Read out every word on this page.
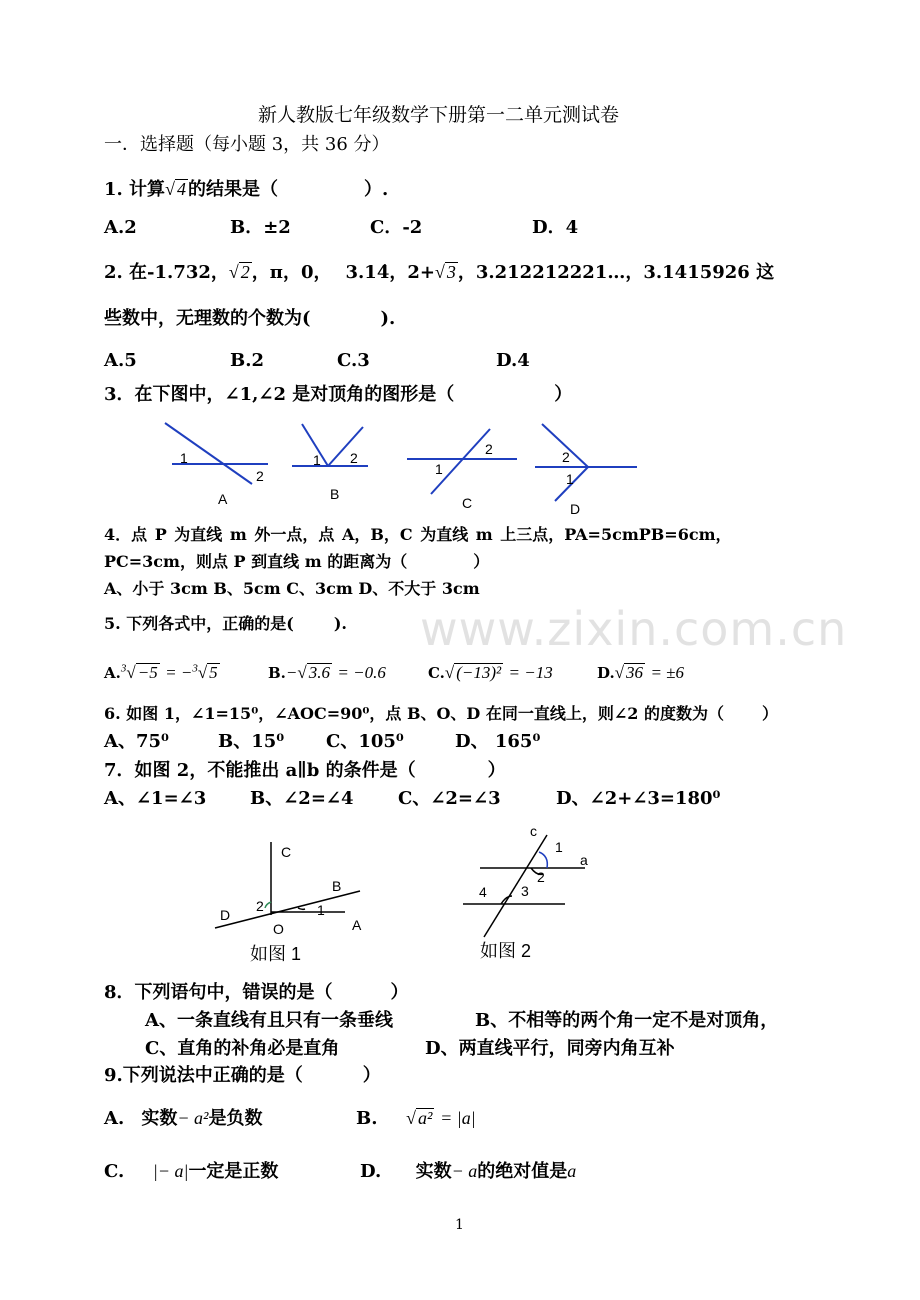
www.zixin.com.cn
新人教版七年级数学下册第一二单元测试卷
一．选择题（每小题 3，共 36 分）
1. 计算√ 4 的结果是（	）.
A.2	B．±2	C．-2	D．4
2. 在-1.732，√ 2 ，π，0， 3.14̇，2+√ 3 ，3.212212221…，3.1415926 这
些数中，无理数的个数为(	).
A.5	B.2	C.3	D.4
3．在下图中，∠1,∠2 是对顶角的图形是（	）
1
2
A
1 2
B
1
2
C
2
1
D
4．点 P 为直线 m 外一点，点 A，B，C 为直线 m 上三点，PA=5cmPB=6cm，
PC=3cm，则点 P 到直线 m 的距离为（	）
A、小于 3cm B、5cm C、3cm D、不大于 3cm
5. 下列各式中，正确的是(	).
A.$^3$√ −5 = −$^3$√ 5	B.−√ 3.6 = −0.6	C.√ (−13)² = −13	D.√ 36 = ±6
6. 如图 1，∠1=15⁰，∠AOC=90⁰，点 B、O、D 在同一直线上，则∠2 的度数为（ ）
A、75⁰	B、15⁰ C、105⁰	D、 165⁰
7．如图 2，不能推出 a∥b 的条件是（	）
A、∠1=∠3 B、∠2=∠4 C、∠2=∠3	D、∠2+∠3=180⁰
C
B
D
2	1
A
O
如图 1
c
1
a
2
4 3
如图 2
8．下列语句中，错误的是（	）
A、一条直线有且只有一条垂线	B、不相等的两个角一定不是对顶角，
C、直角的补角必是直角	D、两直线平行，同旁内角互补
9.下列说法中正确的是（	）
A. 实数− a²是负数	B. √ a² = |a|
C. |− a|一定是正数	D. 实数− a的绝对值是a
1
